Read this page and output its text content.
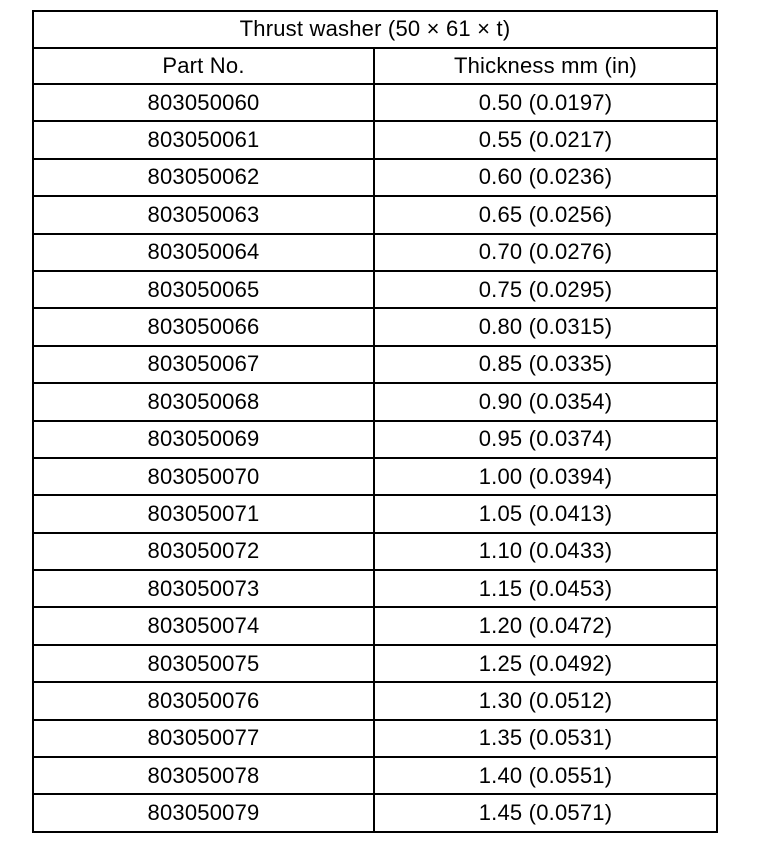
Thrust washer (50 × 61 × t)	
Part No.	Thickness mm (in)
803050060	0.50 (0.0197)
803050061	0.55 (0.0217)
803050062	0.60 (0.0236)
803050063	0.65 (0.0256)
803050064	0.70 (0.0276)
803050065	0.75 (0.0295)
803050066	0.80 (0.0315)
803050067	0.85 (0.0335)
803050068	0.90 (0.0354)
803050069	0.95 (0.0374)
803050070	1.00 (0.0394)
803050071	1.05 (0.0413)
803050072	1.10 (0.0433)
803050073	1.15 (0.0453)
803050074	1.20 (0.0472)
803050075	1.25 (0.0492)
803050076	1.30 (0.0512)
803050077	1.35 (0.0531)
803050078	1.40 (0.0551)
803050079	1.45 (0.0571)
